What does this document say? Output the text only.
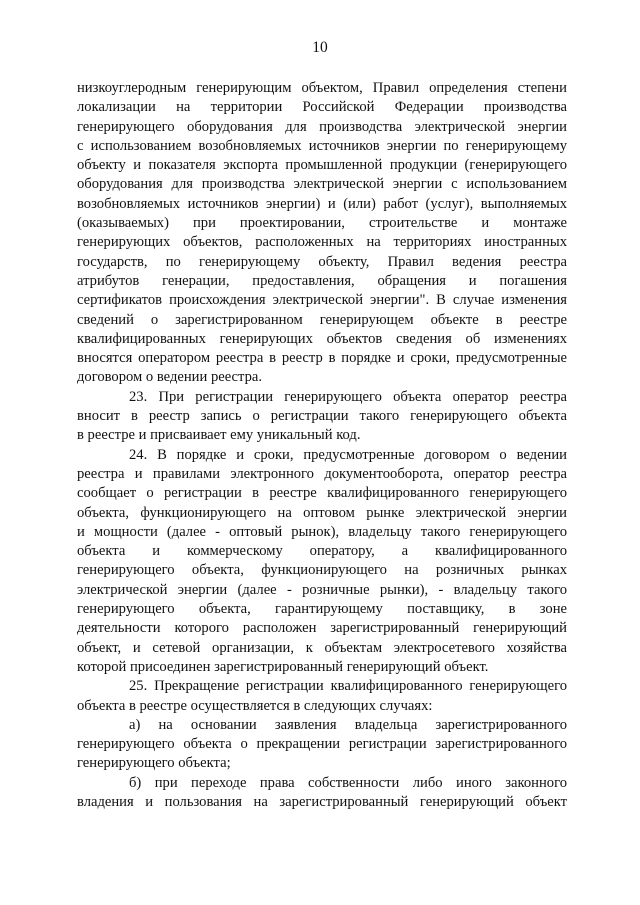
10
низкоуглеродным генерирующим объектом, Правил определения степени
локализации на территории Российской Федерации производства
генерирующего оборудования для производства электрической энергии
с использованием возобновляемых источников энергии по генерирующему
объекту и показателя экспорта промышленной продукции (генерирующего
оборудования для производства электрической энергии с использованием
возобновляемых источников энергии) и (или) работ (услуг), выполняемых
(оказываемых) при проектировании, строительстве и монтаже
генерирующих объектов, расположенных на территориях иностранных
государств, по генерирующему объекту, Правил ведения реестра
атрибутов генерации, предоставления, обращения и погашения
сертификатов происхождения электрической энергии". В случае изменения
сведений о зарегистрированном генерирующем объекте в реестре
квалифицированных генерирующих объектов сведения об изменениях
вносятся оператором реестра в реестр в порядке и сроки, предусмотренные
договором о ведении реестра.
23. При регистрации генерирующего объекта оператор реестра
вносит в реестр запись о регистрации такого генерирующего объекта
в реестре и присваивает ему уникальный код.
24. В порядке и сроки, предусмотренные договором о ведении
реестра и правилами электронного документооборота, оператор реестра
сообщает о регистрации в реестре квалифицированного генерирующего
объекта, функционирующего на оптовом рынке электрической энергии
и мощности (далее - оптовый рынок), владельцу такого генерирующего
объекта и коммерческому оператору, а квалифицированного
генерирующего объекта, функционирующего на розничных рынках
электрической энергии (далее - розничные рынки), - владельцу такого
генерирующего объекта, гарантирующему поставщику, в зоне
деятельности которого расположен зарегистрированный генерирующий
объект, и сетевой организации, к объектам электросетевого хозяйства
которой присоединен зарегистрированный генерирующий объект.
25. Прекращение регистрации квалифицированного генерирующего
объекта в реестре осуществляется в следующих случаях:
а) на основании заявления владельца зарегистрированного
генерирующего объекта о прекращении регистрации зарегистрированного
генерирующего объекта;
б) при переходе права собственности либо иного законного
владения и пользования на зарегистрированный генерирующий объект
